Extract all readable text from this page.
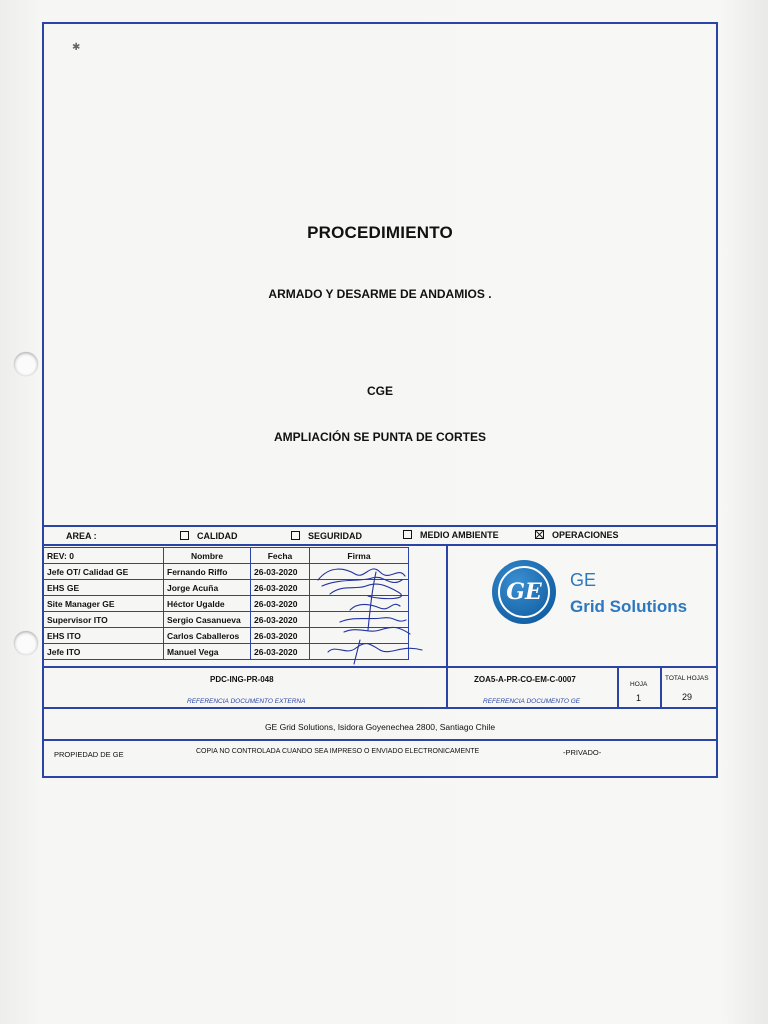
✱
PROCEDIMIENTO
ARMADO Y DESARME DE ANDAMIOS .
CGE
AMPLIACIÓN SE PUNTA DE CORTES
AREA :	CALIDAD	SEGURIDAD	MEDIO AMBIENTE	OPERACIONES
REV: 0	Nombre	Fecha	Firma
Jefe OT/ Calidad GE	Fernando Riffo	26-03-2020	
EHS GE	Jorge Acuña	26-03-2020	
Site Manager GE	Héctor Ugalde	26-03-2020	
Supervisor ITO	Sergio Casanueva	26-03-2020	
EHS ITO	Carlos Caballeros	26-03-2020	
Jefe ITO	Manuel Vega	26-03-2020	
GE	GE
Grid Solutions
PDC-ING-PR-048
REFERENCIA DOCUMENTO EXTERNA
ZOA5-A-PR-CO-EM-C-0007
REFERENCIA DOCUMENTO GE
HOJA
1
TOTAL HOJAS
29
GE Grid Solutions, Isidora Goyenechea 2800, Santiago Chile
PROPIEDAD DE GE	COPIA NO CONTROLADA CUANDO SEA IMPRESO O ENVIADO ELECTRONICAMENTE	-PRIVADO-
